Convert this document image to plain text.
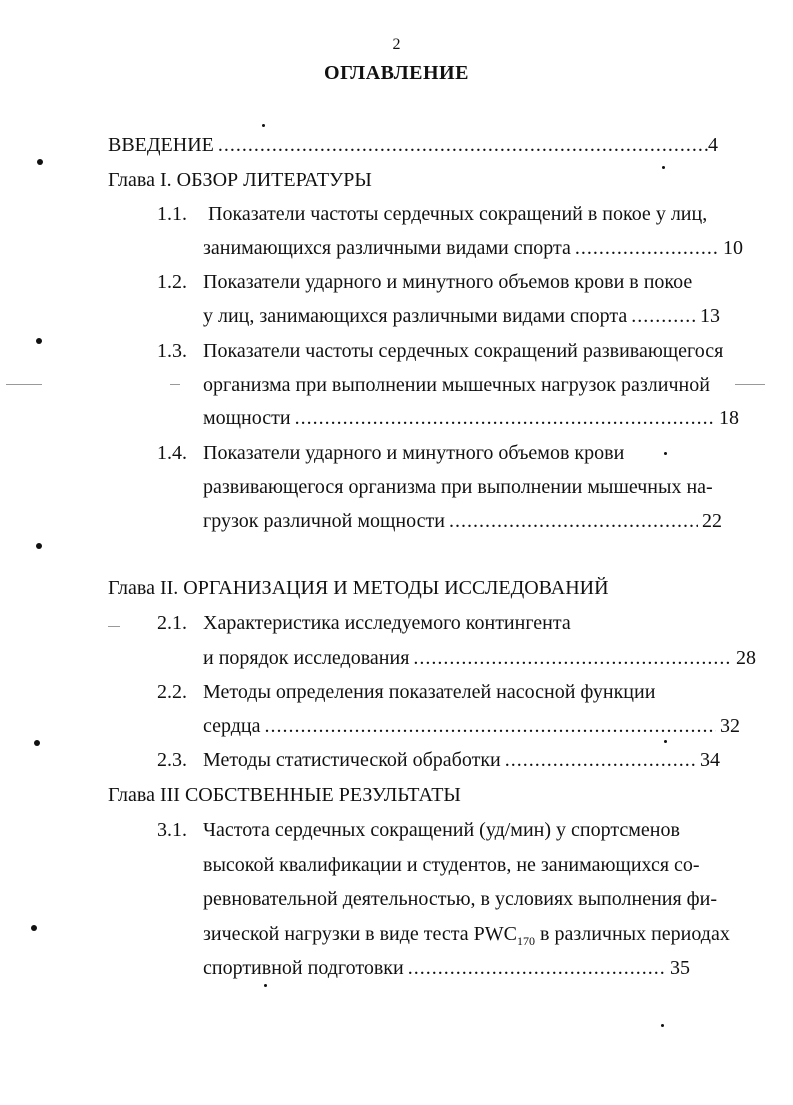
2
ОГЛАВЛЕНИЕ
ВВЕДЕНИЕ .....	4
Глава I. ОБЗОР ЛИТЕРАТУРЫ
1.1. Показатели частоты сердечных сокращений в покое у лиц,
занимающихся различными видами спорта .....	10
1.2. Показатели ударного и минутного объемов крови в покое
у лиц, занимающихся различными видами спорта .....	13
1.3. Показатели частоты сердечных сокращений развивающегося
организма при выполнении мышечных нагрузок различной
мощности .....	18
1.4. Показатели ударного и минутного объемов крови
развивающегося организма при выполнении мышечных на-
грузок различной мощности .....	22
Глава II. ОРГАНИЗАЦИЯ И МЕТОДЫ ИССЛЕДОВАНИЙ
2.1. Характеристика исследуемого контингента
и порядок исследования .....	28
2.2. Методы определения показателей насосной функции
сердца .....	32
2.3. Методы статистической обработки .....	34
Глава III СОБСТВЕННЫЕ РЕЗУЛЬТАТЫ
3.1. Частота сердечных сокращений (уд/мин) у спортсменов
высокой квалификации и студентов, не занимающихся со-
ревновательной деятельностью, в условиях выполнения фи-
зической нагрузки в виде теста $PWC_{170}$ в различных периодах
спортивной подготовки .....	35
